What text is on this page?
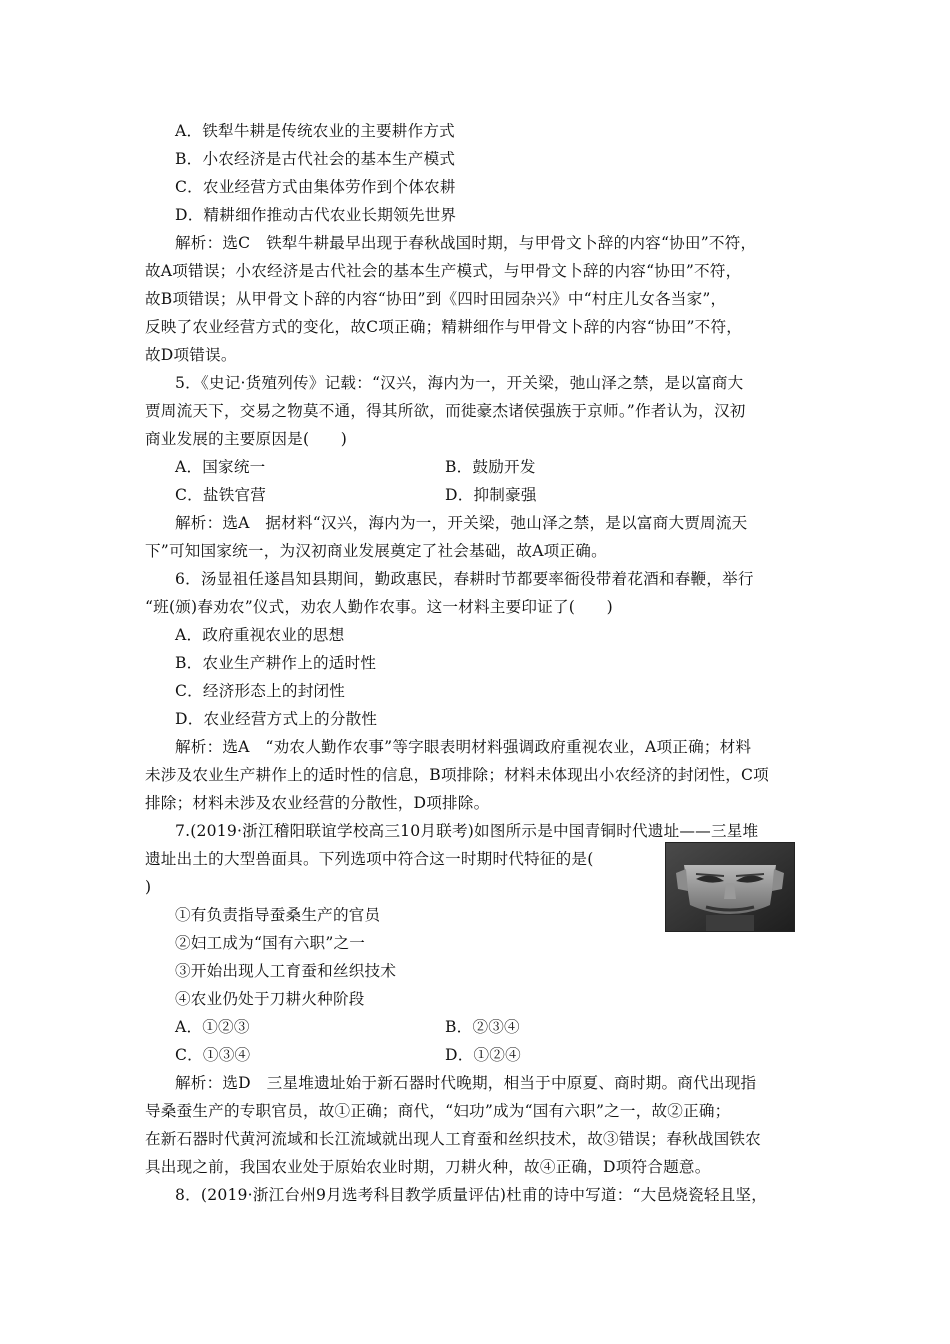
A．铁犁牛耕是传统农业的主要耕作方式
B．小农经济是古代社会的基本生产模式
C．农业经营方式由集体劳作到个体农耕
D．精耕细作推动古代农业长期领先世界
解析：选C　铁犁牛耕最早出现于春秋战国时期，与甲骨文卜辞的内容“协田”不符，
故A项错误；小农经济是古代社会的基本生产模式，与甲骨文卜辞的内容“协田”不符，
故B项错误；从甲骨文卜辞的内容“协田”到《四时田园杂兴》中“村庄儿女各当家”，
反映了农业经营方式的变化，故C项正确；精耕细作与甲骨文卜辞的内容“协田”不符，
故D项错误。
5．《史记·货殖列传》记载：“汉兴，海内为一，开关梁，弛山泽之禁，是以富商大
贾周流天下，交易之物莫不通，得其所欲，而徙豪杰诸侯强族于京师。”作者认为，汉初
商业发展的主要原因是(　　)
A．国家统一	B．鼓励开发
C．盐铁官营	D．抑制豪强
解析：选A　据材料“汉兴，海内为一，开关梁，弛山泽之禁，是以富商大贾周流天
下”可知国家统一，为汉初商业发展奠定了社会基础，故A项正确。
6．汤显祖任遂昌知县期间，勤政惠民，春耕时节都要率衙役带着花酒和春鞭，举行
“班(颁)春劝农”仪式，劝农人勤作农事。这一材料主要印证了(　　)
A．政府重视农业的思想
B．农业生产耕作上的适时性
C．经济形态上的封闭性
D．农业经营方式上的分散性
解析：选A　“劝农人勤作农事”等字眼表明材料强调政府重视农业，A项正确；材料
未涉及农业生产耕作上的适时性的信息，B项排除；材料未体现出小农经济的封闭性，C项
排除；材料未涉及农业经营的分散性，D项排除。
7.(2019·浙江稽阳联谊学校高三10月联考)如图所示是中国青铜时代遗址——三星堆
遗址出土的大型兽面具。下列选项中符合这一时期时代特征的是(
)
①有负责指导蚕桑生产的官员
②妇工成为“国有六职”之一
③开始出现人工育蚕和丝织技术
④农业仍处于刀耕火种阶段
A．①②③	B．②③④
C．①③④	D．①②④
解析：选D　三星堆遗址始于新石器时代晚期，相当于中原夏、商时期。商代出现指
导桑蚕生产的专职官员，故①正确；商代，“妇功”成为“国有六职”之一，故②正确；
在新石器时代黄河流域和长江流域就出现人工育蚕和丝织技术，故③错误；春秋战国铁农
具出现之前，我国农业处于原始农业时期，刀耕火种，故④正确，D项符合题意。
8．(2019·浙江台州9月选考科目教学质量评估)杜甫的诗中写道：“大邑烧瓷轻且坚，
